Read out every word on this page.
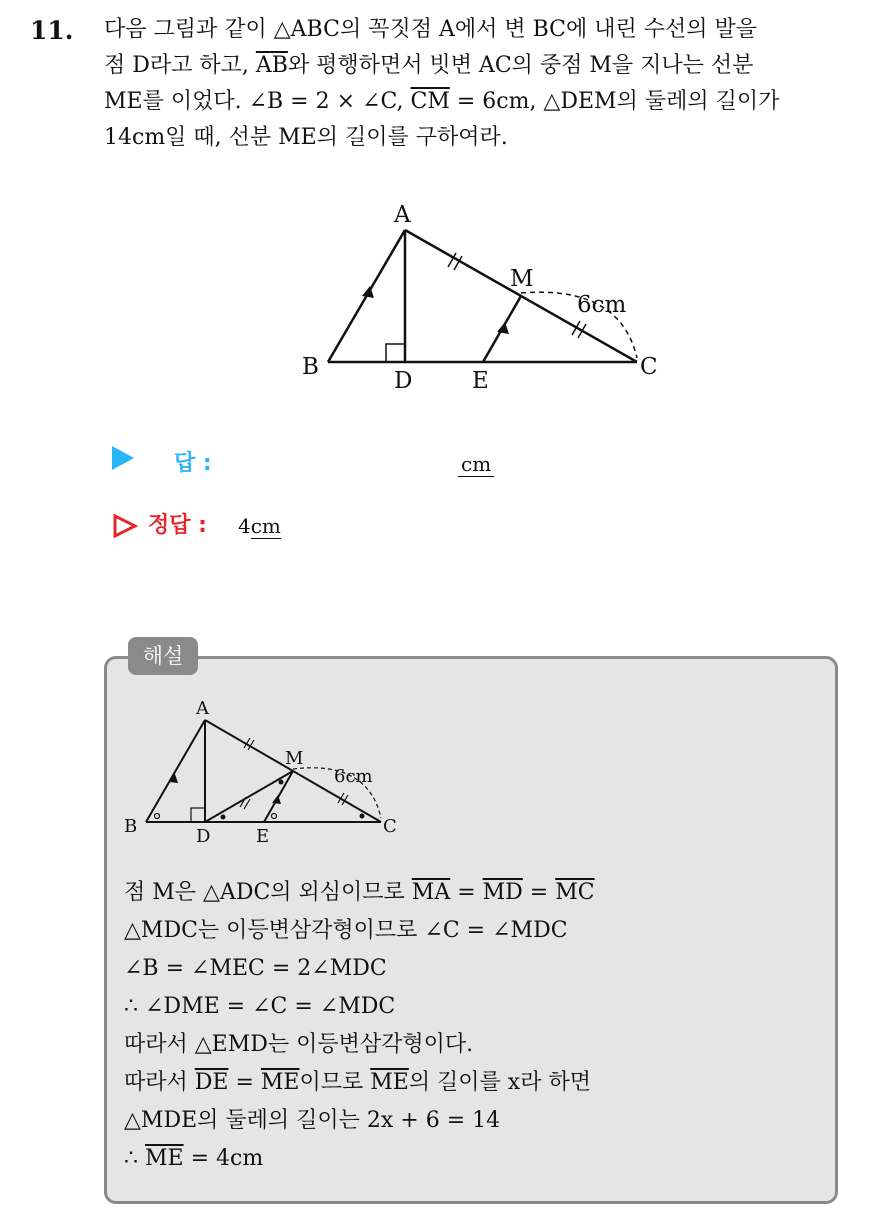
11. 다음 그림과 같이 △ABC의 꼭짓점 A에서 변 BC에 내린 수선의 발을

점 D라고 하고, $\overline{AB}$와 평행하면서 빗변 AC의 중점 M을 지나는 선분

ME를 이었다. ∠B = 2 × ∠C, $\overline{CM} = 6cm$, △DEM의 둘레의 길이가

14cm일 때, 선분 ME의 길이를 구하여라.

A
B	C
D	E
M
6cm
답 :	cm
정답 : 4cm
해설
A
B	C
D	E
M
6cm
점 M은 △ADC의 외심이므로 $\overline{MA} = \overline{MD} = \overline{MC}$
△MDC는 이등변삼각형이므로 ∠C = ∠MDC
∠B = ∠MEC = 2∠MDC
∴ ∠DME = ∠C = ∠MDC
따라서 △EMD는 이등변삼각형이다.
따라서 $\overline{DE} = \overline{ME}$이므로 $\overline{ME}$의 길이를 x라 하면
△MDE의 둘레의 길이는 2x + 6 = 14
∴ $\overline{ME} = 4cm$
